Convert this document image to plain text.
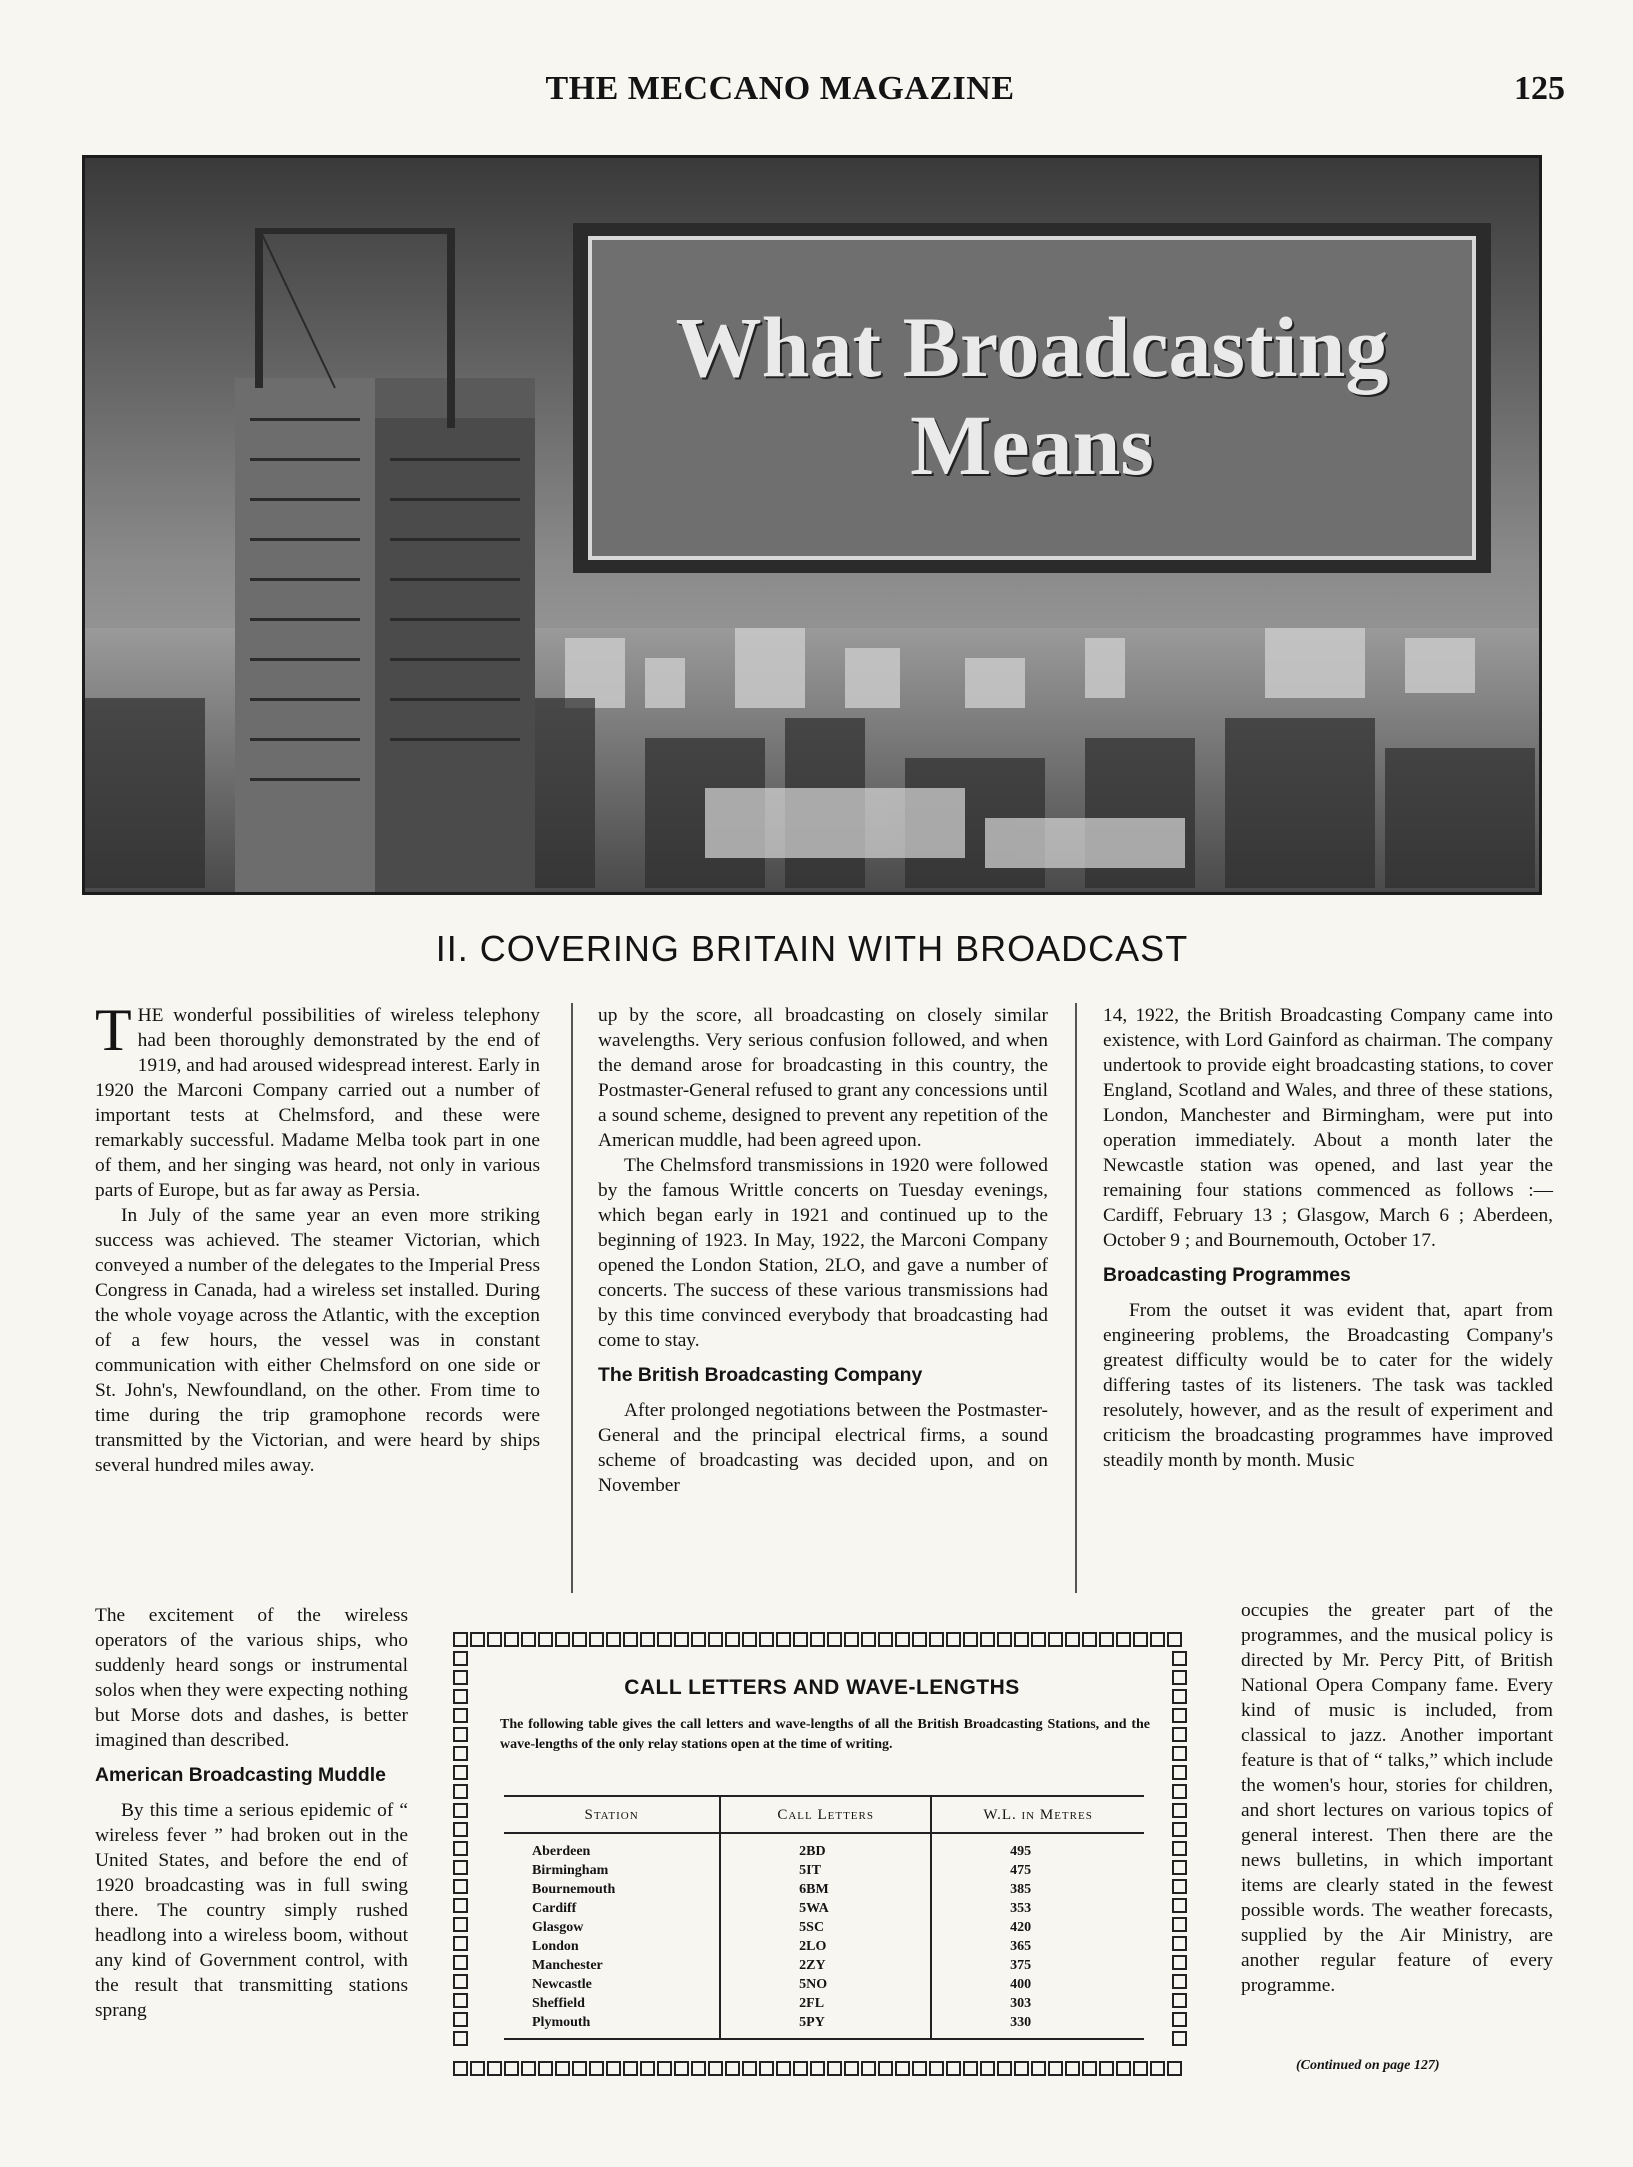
THE MECCANO MAGAZINE	125
What Broadcasting
Means
II. COVERING BRITAIN WITH BROADCAST

THE wonderful possibilities of wireless telephony had been thoroughly demonstrated by the end of 1919, and had aroused widespread interest. Early in 1920 the Marconi Company carried out a number of important tests at Chelmsford, and these were remarkably successful. Madame Melba took part in one of them, and her singing was heard, not only in various parts of Europe, but as far away as Persia.

In July of the same year an even more striking success was achieved. The steamer Victorian, which conveyed a number of the delegates to the Imperial Press Congress in Canada, had a wireless set installed. During the whole voyage across the Atlantic, with the exception of a few hours, the vessel was in constant communication with either Chelmsford on one side or St. John's, Newfoundland, on the other. From time to time during the trip gramophone records were transmitted by the Victorian, and were heard by ships several hundred miles away.

The excitement of the wireless operators of the various ships, who suddenly heard songs or instrumental solos when they were expecting nothing but Morse dots and dashes, is better imagined than described.

American Broadcasting Muddle

By this time a serious epidemic of “ wireless fever ” had broken out in the United States, and before the end of 1920 broadcasting was in full swing there. The country simply rushed headlong into a wireless boom, without any kind of Government control, with the result that transmitting stations sprang

up by the score, all broadcasting on closely similar wavelengths. Very serious confusion followed, and when the demand arose for broadcasting in this country, the Postmaster-General refused to grant any concessions until a sound scheme, designed to prevent any repetition of the American muddle, had been agreed upon.

The Chelmsford transmissions in 1920 were followed by the famous Writtle concerts on Tuesday evenings, which began early in 1921 and continued up to the beginning of 1923. In May, 1922, the Marconi Company opened the London Station, 2LO, and gave a number of concerts. The success of these various transmissions had by this time convinced everybody that broadcasting had come to stay.

The British Broadcasting Company

After prolonged negotiations between the Postmaster-General and the principal electrical firms, a sound scheme of broadcasting was decided upon, and on November

14, 1922, the British Broadcasting Company came into existence, with Lord Gainford as chairman. The company undertook to provide eight broadcasting stations, to cover England, Scotland and Wales, and three of these stations, London, Manchester and Birmingham, were put into operation immediately. About a month later the Newcastle station was opened, and last year the remaining four stations commenced as follows :—Cardiff, February 13 ; Glasgow, March 6 ; Aberdeen, October 9 ; and Bournemouth, October 17.

Broadcasting Programmes

From the outset it was evident that, apart from engineering problems, the Broadcasting Company's greatest difficulty would be to cater for the widely differing tastes of its listeners. The task was tackled resolutely, however, and as the result of experiment and criticism the broadcasting programmes have improved steadily month by month. Music

occupies the greater part of the programmes, and the musical policy is directed by Mr. Percy Pitt, of British National Opera Company fame. Every kind of music is included, from classical to jazz. Another important feature is that of “ talks,” which include the women's hour, stories for children, and short lectures on various topics of general interest. Then there are the news bulletins, in which important items are clearly stated in the fewest possible words. The weather forecasts, supplied by the Air Ministry, are another regular feature of every programme.

(Continued on page 127)
CALL LETTERS AND WAVE-LENGTHS
The following table gives the call letters and wave-lengths of all the British Broadcasting Stations, and the wave-lengths of the only relay stations open at the time of writing.
Station	Call Letters	W.L. in Metres
Aberdeen	2BD	495
Birmingham	5IT	475
Bournemouth	6BM	385
Cardiff	5WA	353
Glasgow	5SC	420
London	2LO	365
Manchester	2ZY	375
Newcastle	5NO	400
Sheffield	2FL	303
Plymouth	5PY	330
